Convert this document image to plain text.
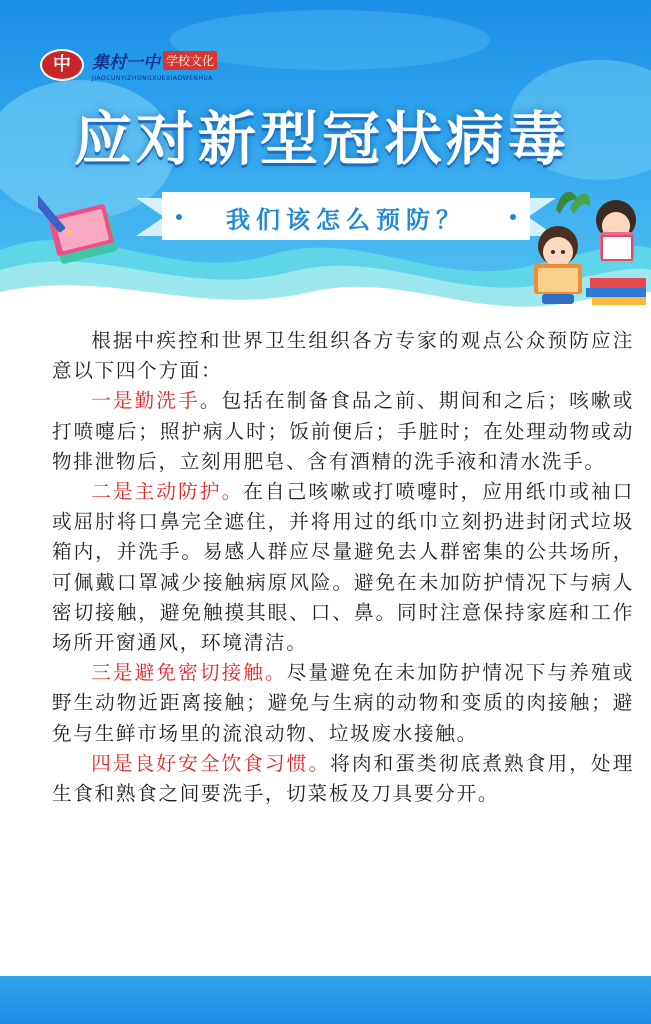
中 集村一中 学校文化
JIAOCUNYIZHONGXUEXIAOWENHUA
应对新型冠状病毒
我们该怎么预防？

根据中疾控和世界卫生组织各方专家的观点公众预防应注意以下四个方面：

一是勤洗手。包括在制备食品之前、期间和之后；咳嗽或打喷嚏后；照护病人时；饭前便后；手脏时；在处理动物或动物排泄物后，立刻用肥皂、含有酒精的洗手液和清水洗手。

二是主动防护。在自己咳嗽或打喷嚏时，应用纸巾或袖口或屈肘将口鼻完全遮住，并将用过的纸巾立刻扔进封闭式垃圾箱内，并洗手。易感人群应尽量避免去人群密集的公共场所，可佩戴口罩减少接触病原风险。避免在未加防护情况下与病人密切接触，避免触摸其眼、口、鼻。同时注意保持家庭和工作场所开窗通风，环境清洁。

三是避免密切接触。尽量避免在未加防护情况下与养殖或野生动物近距离接触；避免与生病的动物和变质的肉接触；避免与生鲜市场里的流浪动物、垃圾废水接触。

四是良好安全饮食习惯。将肉和蛋类彻底煮熟食用，处理生食和熟食之间要洗手，切菜板及刀具要分开。
